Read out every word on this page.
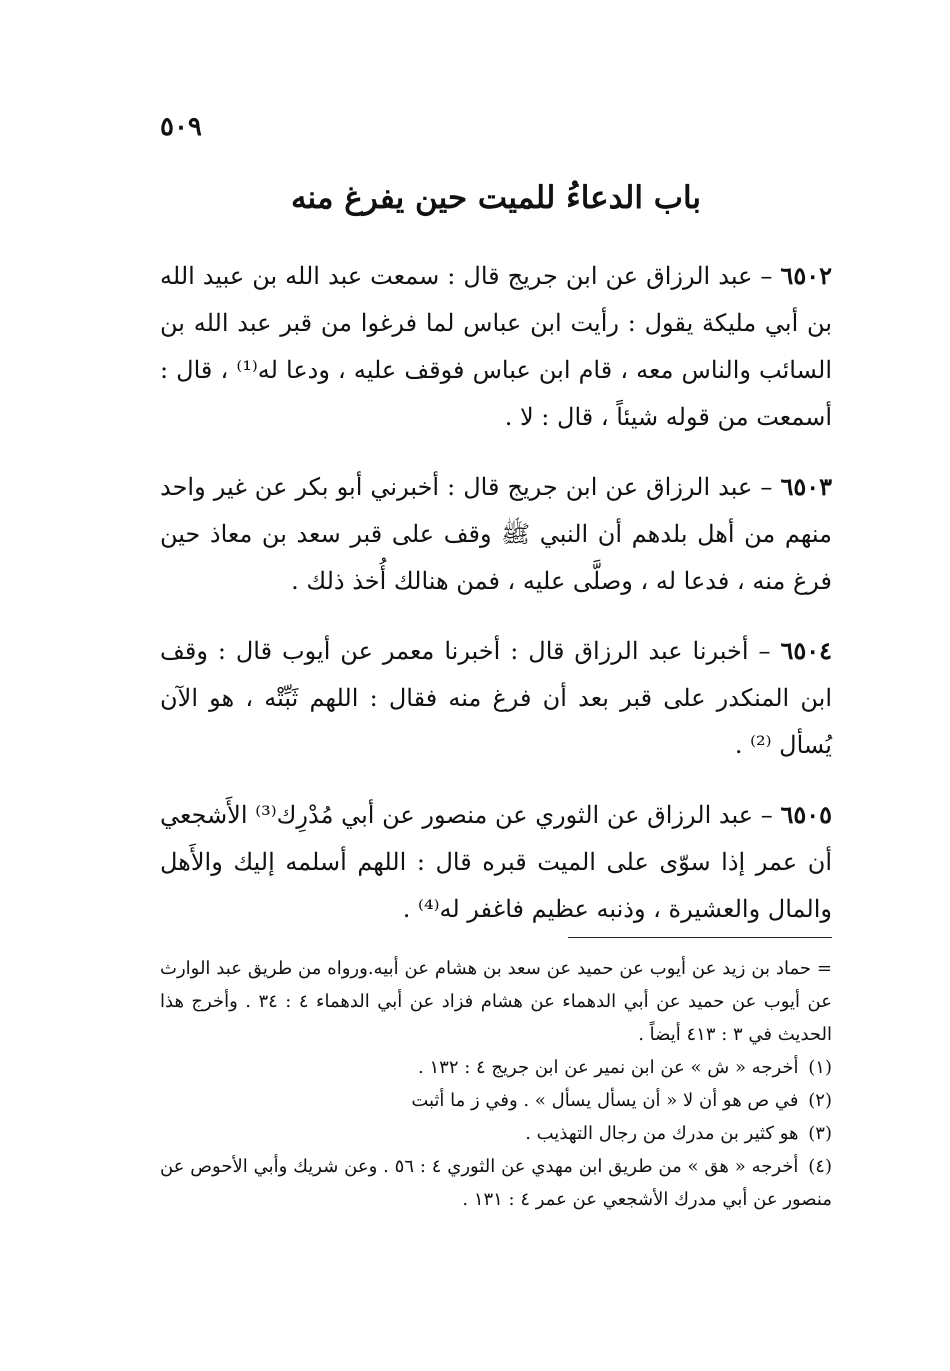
٥٠٩
باب الدعاءُ للميت حين يفرغ منه

٦٥٠٢ – عبد الرزاق عن ابن جريج قال : سمعت عبد الله بن عبيد الله بن أبي مليكة يقول : رأيت ابن عباس لما فرغوا من قبر عبد الله بن السائب والناس معه ، قام ابن عباس فوقف عليه ، ودعا له⁽¹⁾ ، قال : أسمعت من قوله شيئاً ، قال : لا .

٦٥٠٣ – عبد الرزاق عن ابن جريج قال : أخبرني أبو بكر عن غير واحد منهم من أهل بلدهم أن النبي ﷺ وقف على قبر سعد بن معاذ حين فرغ منه ، فدعا له ، وصلَّى عليه ، فمن هنالك أُخذ ذلك .

٦٥٠٤ – أخبرنا عبد الرزاق قال : أخبرنا معمر عن أيوب قال : وقف ابن المنكدر على قبر بعد أن فرغ منه فقال : اللهم ثَبِّتْه ، هو الآن يُسأل ⁽²⁾ .

٦٥٠٥ – عبد الرزاق عن الثوري عن منصور عن أبي مُدْرِك⁽³⁾ الأَشجعي أن عمر إذا سوّى على الميت قبره قال : اللهم أسلمه إليك والأَهل والمال والعشيرة ، وذنبه عظيم فاغفر له⁽⁴⁾ .

= حماد بن زيد عن أيوب عن حميد عن سعد بن هشام عن أبيه.ورواه من طريق عبد الوارث عن أيوب عن حميد عن أبي الدهماء عن هشام فزاد عن أبي الدهماء ٤ : ٣٤ . وأخرج هذا الحديث في ٣ : ٤١٣ أيضاً .

(١) أخرجه « ش » عن ابن نمير عن ابن جريج ٤ : ١٣٢ .

(٢) في ص هو أن لا « أن يسأل يسأل » . وفي ز ما أثبت

(٣) هو كثير بن مدرك من رجال التهذيب .

(٤) أخرجه « هق » من طريق ابن مهدي عن الثوري ٤ : ٥٦ . وعن شريك وأبي الأحوص عن منصور عن أبي مدرك الأشجعي عن عمر ٤ : ١٣١ .
